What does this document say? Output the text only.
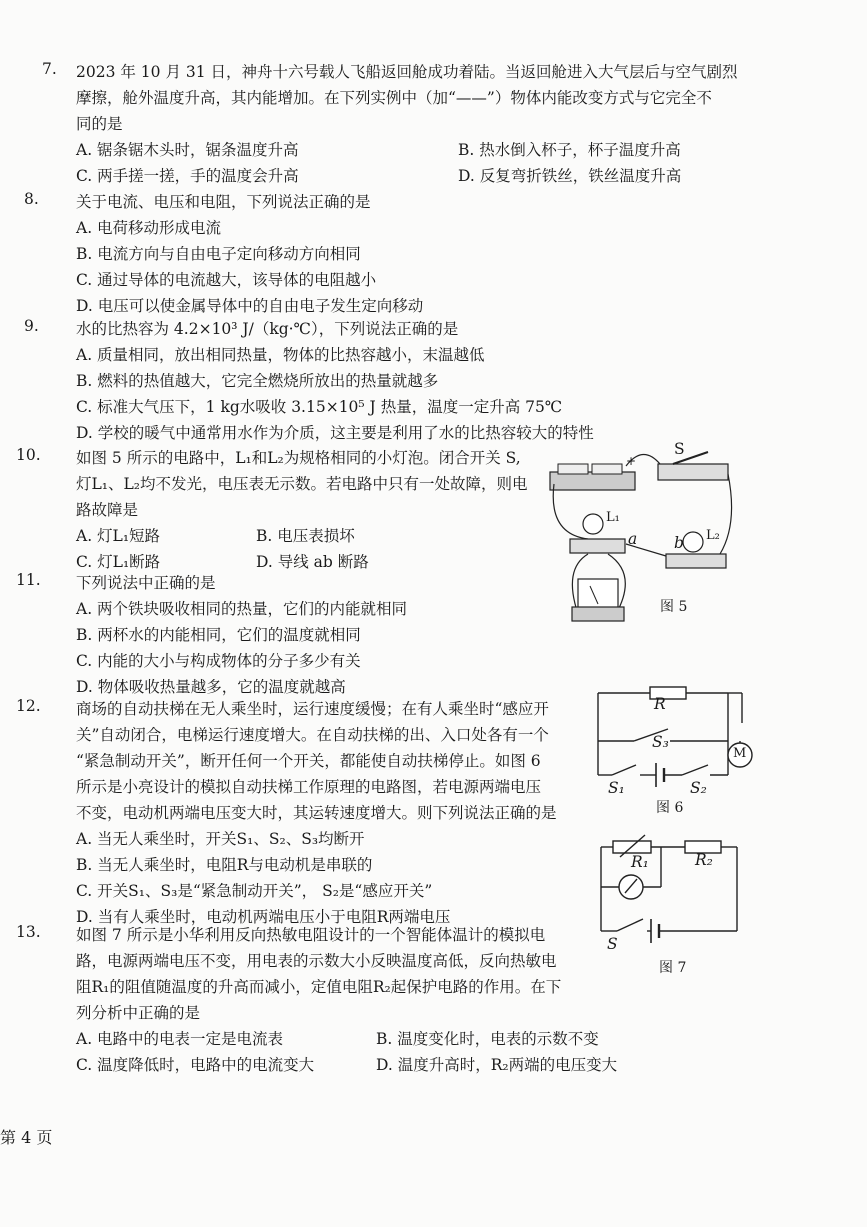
7.	2023 年 10 月 31 日，神舟十六号载人飞船返回舱成功着陆。当返回舱进入大气层后与空气剧烈
摩擦，舱外温度升高，其内能增加。在下列实例中（加“——”）物体内能改变方式与它完全不
同的是
A. 锯条锯木头时，锯条温度升高	B. 热水倒入杯子，杯子温度升高
C. 两手搓一搓，手的温度会升高	D. 反复弯折铁丝，铁丝温度升高
8.	关于电流、电压和电阻，下列说法正确的是
A. 电荷移动形成电流
B. 电流方向与自由电子定向移动方向相同
C. 通过导体的电流越大，该导体的电阻越小
D. 电压可以使金属导体中的自由电子发生定向移动
9.	水的比热容为 4.2×10³ J/（kg·℃），下列说法正确的是
A. 质量相同，放出相同热量，物体的比热容越小，末温越低
B. 燃料的热值越大，它完全燃烧所放出的热量就越多
C. 标准大气压下，1 kg水吸收 3.15×10⁵ J 热量，温度一定升高 75℃
D. 学校的暖气中通常用水作为介质，这主要是利用了水的比热容较大的特性
10.	如图 5 所示的电路中，L₁和L₂为规格相同的小灯泡。闭合开关 S,
灯L₁、L₂均不发光，电压表无示数。若电路中只有一处故障，则电
路故障是
A. 灯L₁短路	B. 电压表损坏
C. 灯L₁断路	D. 导线 ab 断路
S
+
L₁
L₂
a b
图 5
11.	下列说法中正确的是
A. 两个铁块吸收相同的热量，它们的内能就相同
B. 两杯水的内能相同，它们的温度就相同
C. 内能的大小与构成物体的分子多少有关
D. 物体吸收热量越多，它的温度就越高
12.	商场的自动扶梯在无人乘坐时，运行速度缓慢；在有人乘坐时“感应开
关”自动闭合，电梯运行速度增大。在自动扶梯的出、入口处各有一个
“紧急制动开关”，断开任何一个开关，都能使自动扶梯停止。如图 6
所示是小亮设计的模拟自动扶梯工作原理的电路图，若电源两端电压
不变，电动机两端电压变大时，其运转速度增大。则下列说法正确的是
A. 当无人乘坐时，开关S₁、S₂、S₃均断开
B. 当无人乘坐时，电阻R与电动机是串联的
C. 开关S₁、S₃是“紧急制动开关”， S₂是“感应开关”
D. 当有人乘坐时，电动机两端电压小于电阻R两端电压
R
S₃
M
S₁	S₂
图 6
R₁	R₂
S
图 7
13.	如图 7 所示是小华利用反向热敏电阻设计的一个智能体温计的模拟电
路，电源两端电压不变，用电表的示数大小反映温度高低，反向热敏电
阻R₁的阻值随温度的升高而减小，定值电阻R₂起保护电路的作用。在下
列分析中正确的是
A. 电路中的电表一定是电流表	B. 温度变化时，电表的示数不变
C. 温度降低时，电路中的电流变大	D. 温度升高时，R₂两端的电压变大
第 4 页
